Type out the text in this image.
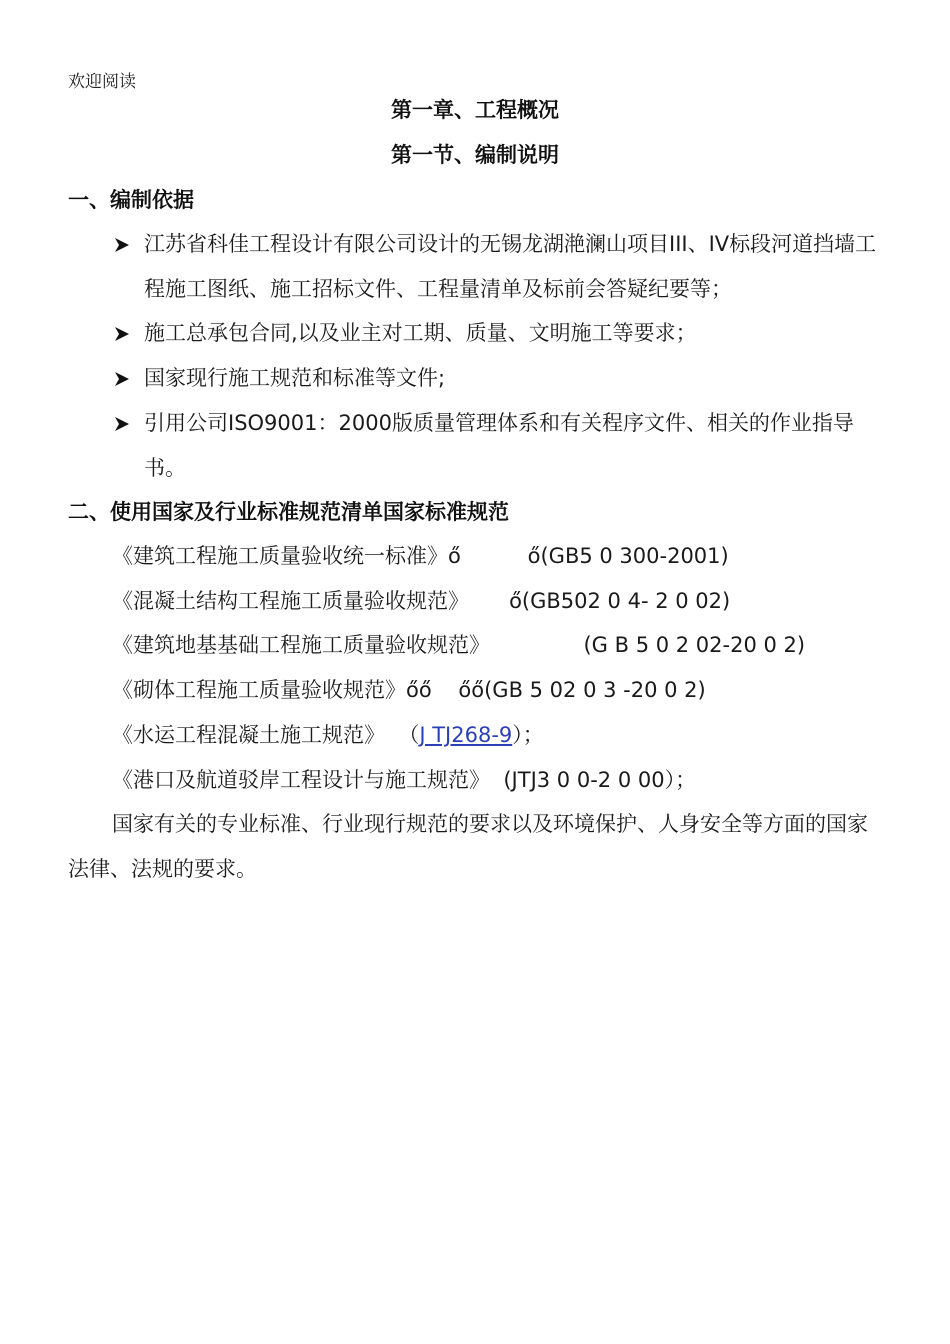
欢迎阅读
第一章、工程概况
第一节、编制说明
一、编制依据
江苏省科佳工程设计有限公司设计的无锡龙湖滟澜山项目ⅠⅠI、IV标段河道挡墙工程施工图纸、施工招标文件、工程量清单及标前会答疑纪要等；
施工总承包合同,以及业主对工期、质量、文明施工等要求；
国家现行施工规范和标准等文件;
引用公司ISO9001：2000版质量管理体系和有关程序文件、相关的作业指导书。
二、使用国家及行业标准规范清单国家标准规范
《建筑工程施工质量验收统一标准》ő	ő(GB5 0 300-2001)
《混凝土结构工程施工质量验收规范》 ő(GB502 0 4- 2 0 02)
《建筑地基基础工程施工质量验收规范》	(G B 5 0 2 02-20 0 2)
《砌体工程施工质量验收规范》őő őő(GB 5 02 0 3 -20 0 2)
《水运工程混凝土施工规范》  （J TJ268-9）；
《港口及航道驳岸工程设计与施工规范》 (JTJ3 0 0-2 0 00）；
国家有关的专业标准、行业现行规范的要求以及环境保护、人身安全等方面的国家法律、法规的要求。
